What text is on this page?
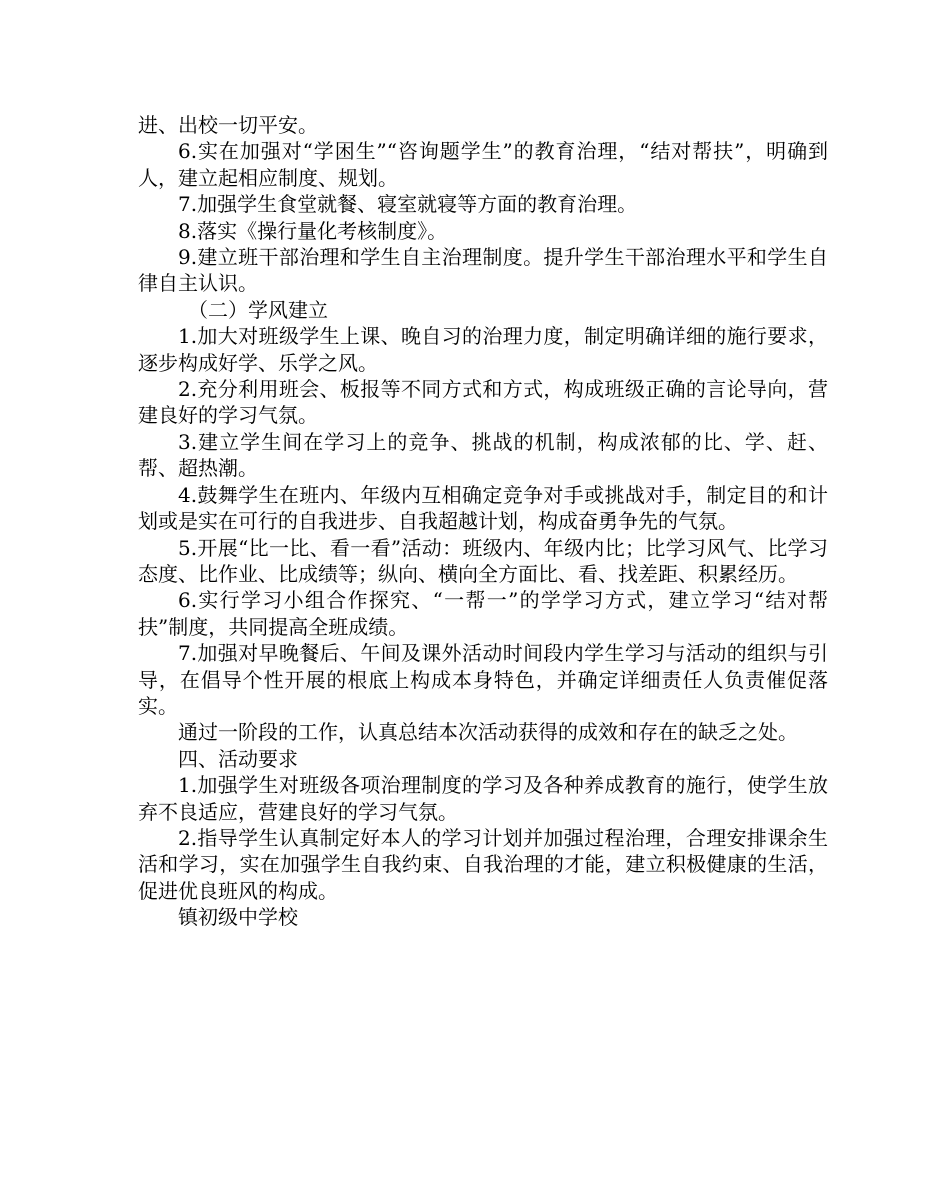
进、出校一切平安。

6.实在加强对“学困生”“咨询题学生”的教育治理，“结对帮扶”，明确到人，建立起相应制度、规划。

7.加强学生食堂就餐、寝室就寝等方面的教育治理。

8.落实《操行量化考核制度》。

9.建立班干部治理和学生自主治理制度。提升学生干部治理水平和学生自律自主认识。

（二）学风建立

1.加大对班级学生上课、晚自习的治理力度，制定明确详细的施行要求，逐步构成好学、乐学之风。

2.充分利用班会、板报等不同方式和方式，构成班级正确的言论导向，营建良好的学习气氛。

3.建立学生间在学习上的竞争、挑战的机制，构成浓郁的比、学、赶、帮、超热潮。

4.鼓舞学生在班内、年级内互相确定竞争对手或挑战对手，制定目的和计划或是实在可行的自我进步、自我超越计划，构成奋勇争先的气氛。

5.开展“比一比、看一看”活动：班级内、年级内比；比学习风气、比学习态度、比作业、比成绩等；纵向、横向全方面比、看、找差距、积累经历。

6.实行学习小组合作探究、“一帮一”的学学习方式，建立学习“结对帮扶”制度，共同提高全班成绩。

7.加强对早晚餐后、午间及课外活动时间段内学生学习与活动的组织与引导，在倡导个性开展的根底上构成本身特色，并确定详细责任人负责催促落实。

通过一阶段的工作，认真总结本次活动获得的成效和存在的缺乏之处。

四、活动要求

1.加强学生对班级各项治理制度的学习及各种养成教育的施行，使学生放弃不良适应，营建良好的学习气氛。

2.指导学生认真制定好本人的学习计划并加强过程治理，合理安排课余生活和学习，实在加强学生自我约束、自我治理的才能，建立积极健康的生活，促进优良班风的构成。

镇初级中学校
